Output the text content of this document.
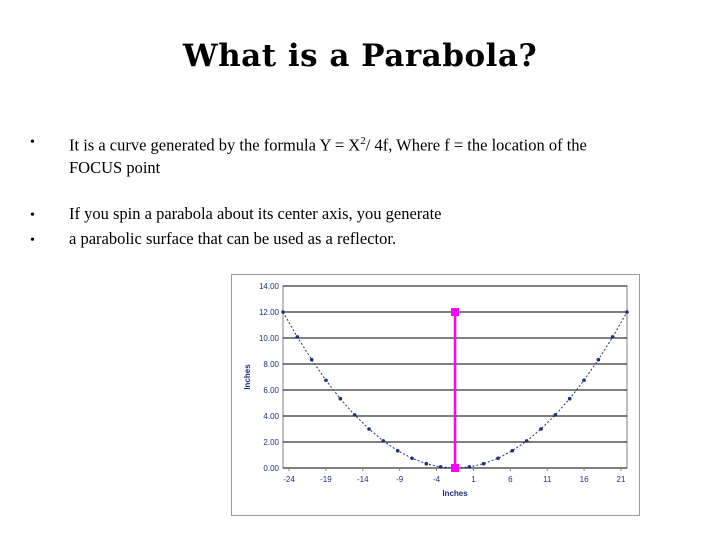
What is a Parabola?
• It is a curve generated by the formula $Y = X^2/$ 4f, Where f = the location of the
FOCUS point
• If you spin a parabola about its center axis, you generate
• a parabolic surface that can be used as a reflector.
0.00
2.00
4.00
6.00
8.00
10.00
12.00
14.00
-24	-19	-14	-9	-4	1	6	11	16	21
Inches
Inches
